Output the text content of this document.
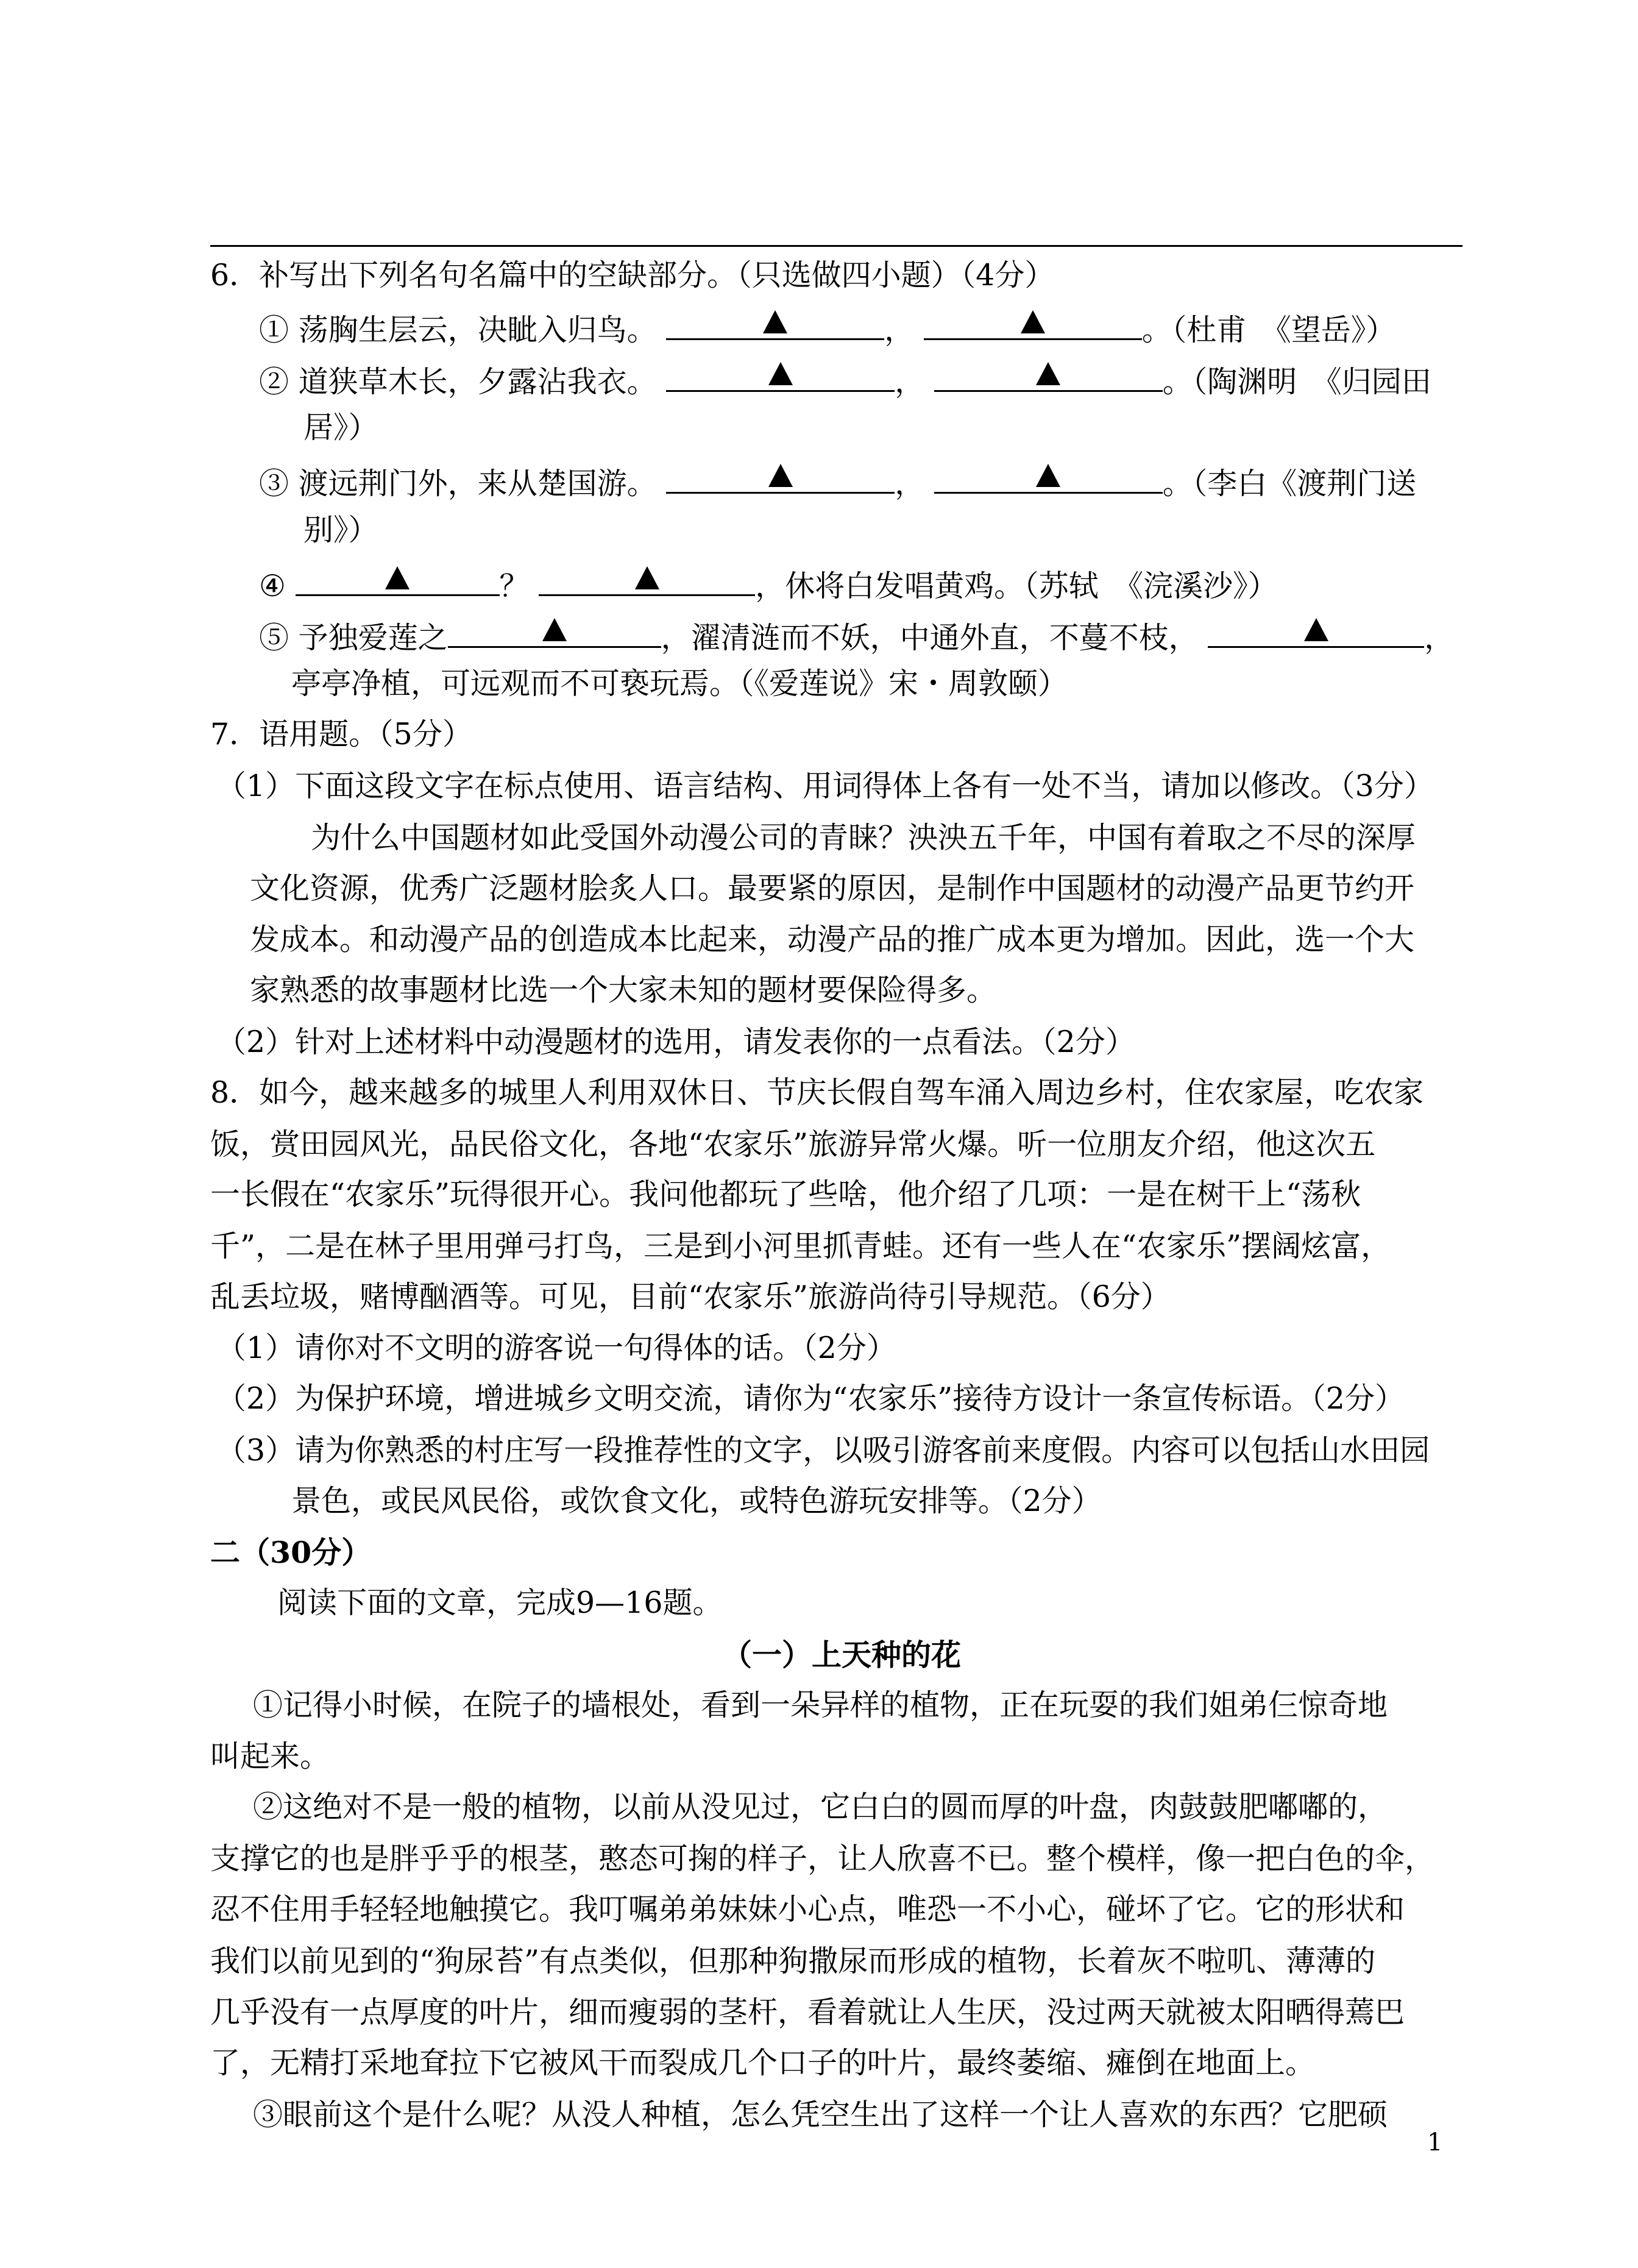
6．补写出下列名句名篇中的空缺部分。（只选做四小题）（4分）
① 荡胸生层云，决眦入归鸟。	，	。（杜甫　《望岳》）
② 道狭草木长，夕露沾我衣。	，	。（陶渊明　《归园田
居》）
③ 渡远荆门外，来从楚国游。	，	。（李白《渡荆门送
别》）
④	？	，休将白发唱黄鸡。（苏轼　《浣溪沙》）
⑤ 予独爱莲之	，濯清涟而不妖，中通外直，不蔓不枝，	，
亭亭净植，可远观而不可亵玩焉。（《爱莲说》宋・周敦颐）
7．语用题。（5分）
（1）下面这段文字在标点使用、语言结构、用词得体上各有一处不当，请加以修改。（3分）
为什么中国题材如此受国外动漫公司的青睐？泱泱五千年，中国有着取之不尽的深厚
文化资源，优秀广泛题材脍炙人口。最要紧的原因，是制作中国题材的动漫产品更节约开
发成本。和动漫产品的创造成本比起来，动漫产品的推广成本更为增加。因此，选一个大
家熟悉的故事题材比选一个大家未知的题材要保险得多。
（2）针对上述材料中动漫题材的选用，请发表你的一点看法。（2分）
8．如今，越来越多的城里人利用双休日、节庆长假自驾车涌入周边乡村，住农家屋，吃农家
饭，赏田园风光，品民俗文化，各地“农家乐”旅游异常火爆。听一位朋友介绍，他这次五
一长假在“农家乐”玩得很开心。我问他都玩了些啥，他介绍了几项：一是在树干上“荡秋
千”，二是在林子里用弹弓打鸟，三是到小河里抓青蛙。还有一些人在“农家乐”摆阔炫富，
乱丢垃圾，赌博酗酒等。可见，目前“农家乐”旅游尚待引导规范。（6分）
（1）请你对不文明的游客说一句得体的话。（2分）
（2）为保护环境，增进城乡文明交流，请你为“农家乐”接待方设计一条宣传标语。（2分）
（3）请为你熟悉的村庄写一段推荐性的文字，以吸引游客前来度假。内容可以包括山水田园
景色，或民风民俗，或饮食文化，或特色游玩安排等。（2分）
二（30分）
阅读下面的文章，完成9—16题。
（一）上天种的花
①记得小时候，在院子的墙根处，看到一朵异样的植物，正在玩耍的我们姐弟仨惊奇地
叫起来。
②这绝对不是一般的植物，以前从没见过，它白白的圆而厚的叶盘，肉鼓鼓肥嘟嘟的，
支撑它的也是胖乎乎的根茎，憨态可掬的样子，让人欣喜不已。整个模样，像一把白色的伞，
忍不住用手轻轻地触摸它。我叮嘱弟弟妹妹小心点，唯恐一不小心，碰坏了它。它的形状和
我们以前见到的“狗尿苔”有点类似，但那种狗撒尿而形成的植物，长着灰不啦叽、薄薄的
几乎没有一点厚度的叶片，细而瘦弱的茎杆，看着就让人生厌，没过两天就被太阳晒得蔫巴
了，无精打采地耷拉下它被风干而裂成几个口子的叶片，最终萎缩、瘫倒在地面上。
③眼前这个是什么呢？从没人种植，怎么凭空生出了这样一个让人喜欢的东西？它肥硕
1
